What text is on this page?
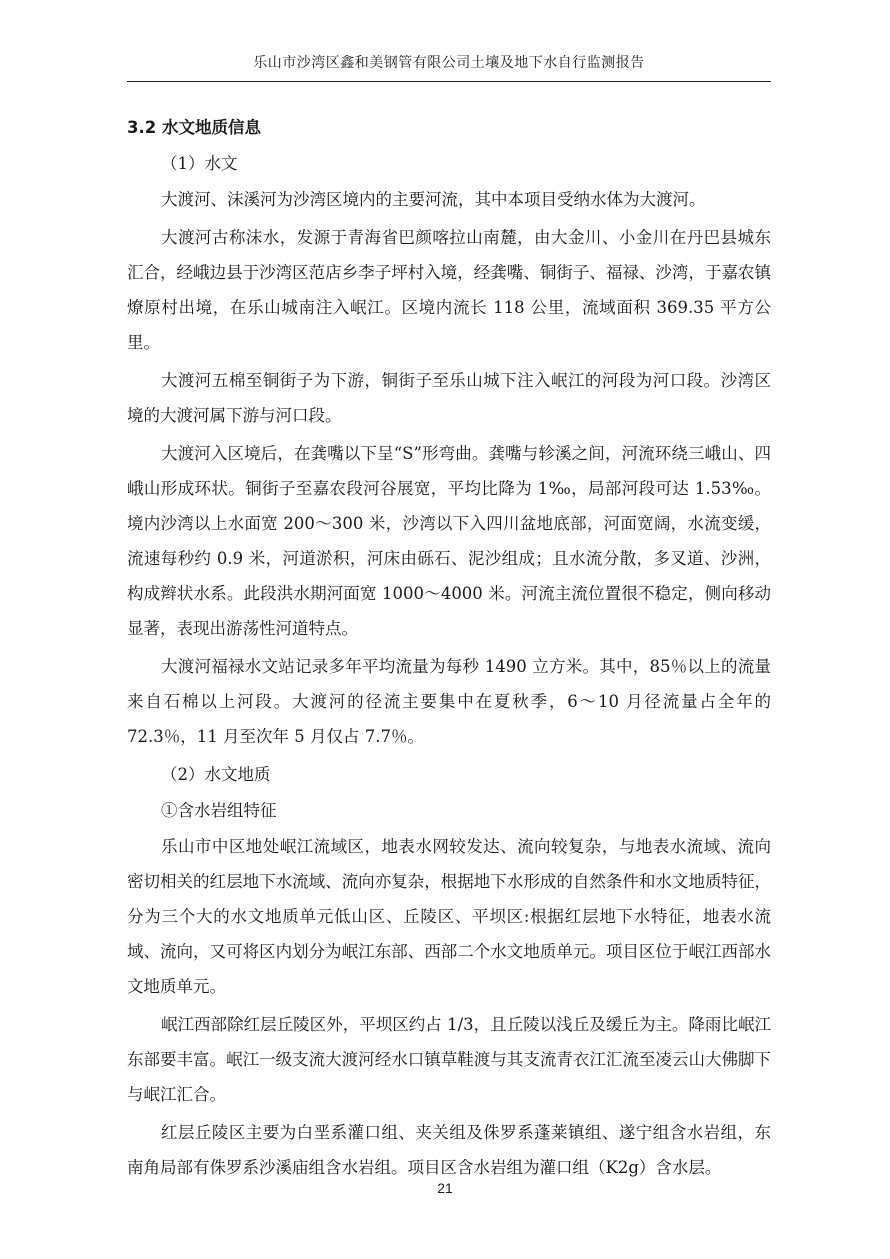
乐山市沙湾区鑫和美钢管有限公司土壤及地下水自行监测报告
3.2 水文地质信息
（1）水文

大渡河、沫溪河为沙湾区境内的主要河流，其中本项目受纳水体为大渡河。

大渡河古称沫水，发源于青海省巴颜喀拉山南麓，由大金川、小金川在丹巴县城东汇合，经峨边县于沙湾区范店乡李子坪村入境，经龚嘴、铜街子、福禄、沙湾，于嘉农镇燎原村出境，在乐山城南注入岷江。区境内流长 118 公里，流域面积 369.35 平方公里。

大渡河五棉至铜街子为下游，铜街子至乐山城下注入岷江的河段为河口段。沙湾区境的大渡河属下游与河口段。

大渡河入区境后，在龚嘴以下呈“S”形弯曲。龚嘴与轸溪之间，河流环绕三峨山、四峨山形成环状。铜街子至嘉农段河谷展宽，平均比降为 1‰，局部河段可达 1.53‰。境内沙湾以上水面宽 200～300 米，沙湾以下入四川盆地底部，河面宽阔，水流变缓，流速每秒约 0.9 米，河道淤积，河床由砾石、泥沙组成；且水流分散，多叉道、沙洲，构成辫状水系。此段洪水期河面宽 1000～4000 米。河流主流位置很不稳定，侧向移动显著，表现出游荡性河道特点。

大渡河福禄水文站记录多年平均流量为每秒 1490 立方米。其中，85％以上的流量来自石棉以上河段。大渡河的径流主要集中在夏秋季，6～10 月径流量占全年的 72.3％，11 月至次年 5 月仅占 7.7％。

（2）水文地质
①含水岩组特征

乐山市中区地处岷江流域区，地表水网较发达、流向较复杂，与地表水流域、流向密切相关的红层地下水流域、流向亦复杂，根据地下水形成的自然条件和水文地质特征，分为三个大的水文地质单元低山区、丘陵区、平坝区:根据红层地下水特征，地表水流域、流向，又可将区内划分为岷江东部、西部二个水文地质单元。项目区位于岷江西部水文地质单元。

岷江西部除红层丘陵区外，平坝区约占 1/3，且丘陵以浅丘及缓丘为主。降雨比岷江东部要丰富。岷江一级支流大渡河经水口镇草鞋渡与其支流青衣江汇流至凌云山大佛脚下与岷江汇合。

红层丘陵区主要为白垩系灌口组、夹关组及侏罗系蓬莱镇组、遂宁组含水岩组，东南角局部有侏罗系沙溪庙组含水岩组。项目区含水岩组为灌口组（K2g）含水层。

21
